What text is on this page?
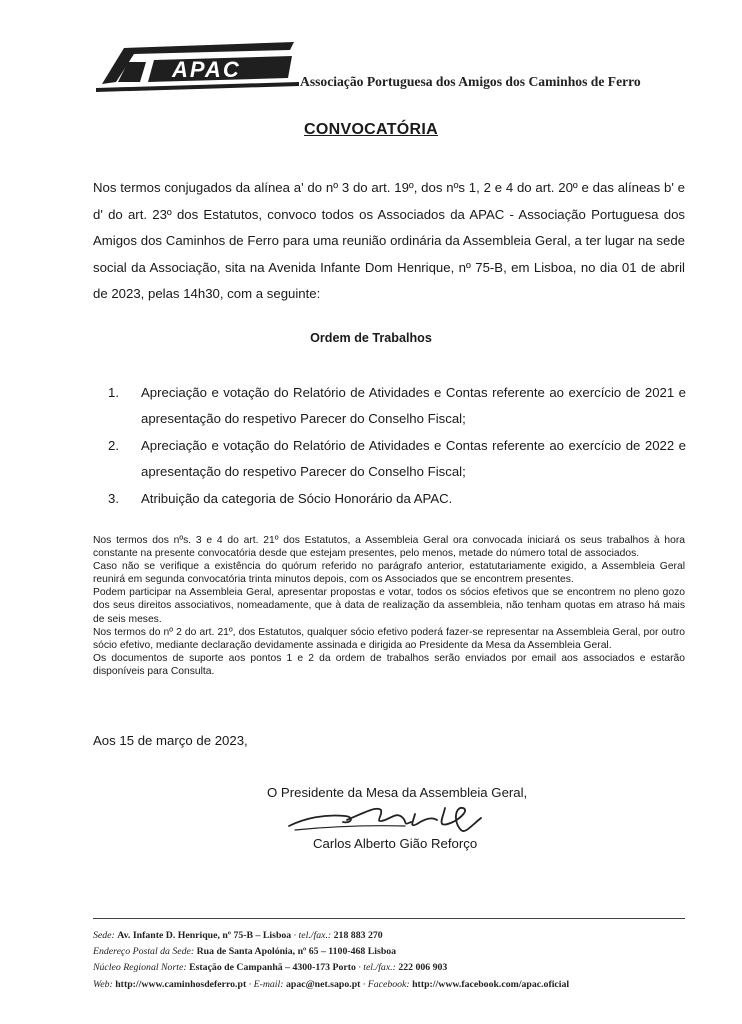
APAC	Associação Portuguesa dos Amigos dos Caminhos de Ferro
CONVOCATÓRIA
Nos termos conjugados da alínea a' do nº 3 do art. 19º, dos nºs 1, 2 e 4 do art. 20º e das alíneas b' e d' do art. 23º dos Estatutos, convoco todos os Associados da APAC - Associação Portuguesa dos Amigos dos Caminhos de Ferro para uma reunião ordinária da Assembleia Geral, a ter lugar na sede social da Associação, sita na Avenida Infante Dom Henrique, nº 75-B, em Lisboa, no dia 01 de abril de 2023, pelas 14h30, com a seguinte:
Ordem de Trabalhos
1.	Apreciação e votação do Relatório de Atividades e Contas referente ao exercício de 2021 e apresentação do respetivo Parecer do Conselho Fiscal;
2.	Apreciação e votação do Relatório de Atividades e Contas referente ao exercício de 2022 e apresentação do respetivo Parecer do Conselho Fiscal;
3.	Atribuição da categoria de Sócio Honorário da APAC.

Nos termos dos nºs. 3 e 4 do art. 21º dos Estatutos, a Assembleia Geral ora convocada iniciará os seus trabalhos à hora constante na presente convocatória desde que estejam presentes, pelo menos, metade do número total de associados.

Caso não se verifique a existência do quórum referido no parágrafo anterior, estatutariamente exigido, a Assembleia Geral reunirá em segunda convocatória trinta minutos depois, com os Associados que se encontrem presentes.

Podem participar na Assembleia Geral, apresentar propostas e votar, todos os sócios efetivos que se encontrem no pleno gozo dos seus direitos associativos, nomeadamente, que à data de realização da assembleia, não tenham quotas em atraso há mais de seis meses.

Nos termos do nº 2 do art. 21º, dos Estatutos, qualquer sócio efetivo poderá fazer-se representar na Assembleia Geral, por outro sócio efetivo, mediante declaração devidamente assinada e dirigida ao Presidente da Mesa da Assembleia Geral.

Os documentos de suporte aos pontos 1 e 2 da ordem de trabalhos serão enviados por email aos associados e estarão disponíveis para Consulta.

Aos 15 de março de 2023,
O Presidente da Mesa da Assembleia Geral,
Carlos Alberto Gião Reforço
Sede: Av. Infante D. Henrique, nº 75-B – Lisboa · tel./fax.: 218 883 270
Endereço Postal da Sede: Rua de Santa Apolónia, nº 65 – 1100-468 Lisboa
Núcleo Regional Norte: Estação de Campanhã – 4300-173 Porto · tel./fax.: 222 006 903
Web: http://www.caminhosdeferro.pt · E-mail: apac@net.sapo.pt · Facebook: http://www.facebook.com/apac.oficial
